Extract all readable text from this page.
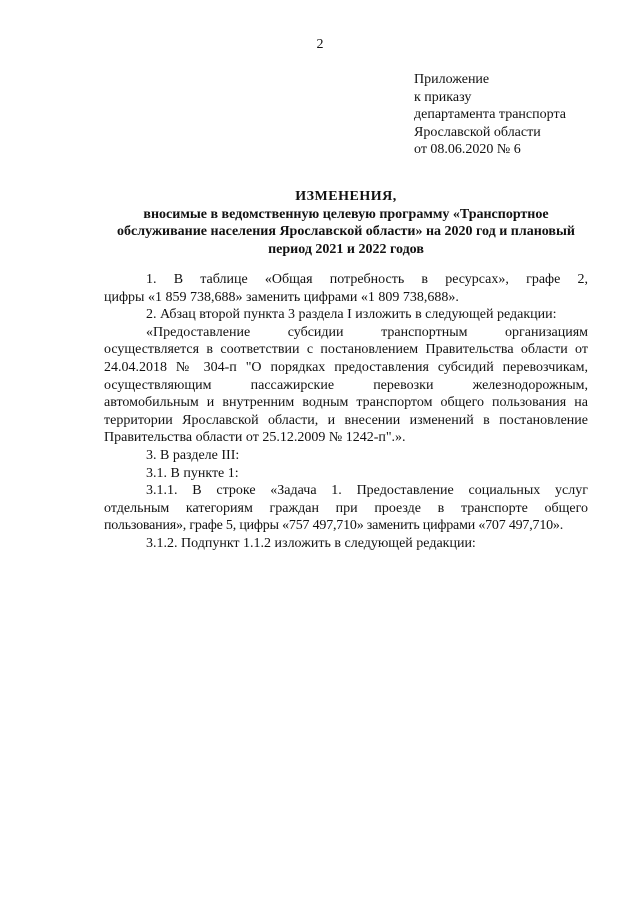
2
Приложение
к приказу
департамента транспорта
Ярославской области
от 08.06.2020 № 6
ИЗМЕНЕНИЯ,
вносимые в ведомственную целевую программу «Транспортное
обслуживание населения Ярославской области» на 2020 год и плановый
период 2021 и 2022 годов
1. В таблице «Общая потребность в ресурсах», графе 2,
цифры «1 859 738,688» заменить цифрами «1 809 738,688».
2. Абзац второй пункта 3 раздела I изложить в следующей редакции:
«Предоставление субсидии транспортным организациям
осуществляется в соответствии с постановлением Правительства области от
24.04.2018 № 304-п "О порядках предоставления субсидий перевозчикам,
осуществляющим пассажирские перевозки железнодорожным,
автомобильным и внутренним водным транспортом общего пользования на
территории Ярославской области, и внесении изменений в постановление
Правительства области от 25.12.2009 № 1242-п".».
3. В разделе III:
3.1. В пункте 1:
3.1.1. В строке «Задача 1. Предоставление социальных услуг
отдельным категориям граждан при проезде в транспорте общего
пользования», графе 5, цифры «757 497,710» заменить цифрами «707 497,710».
3.1.2. Подпункт 1.1.2 изложить в следующей редакции:
